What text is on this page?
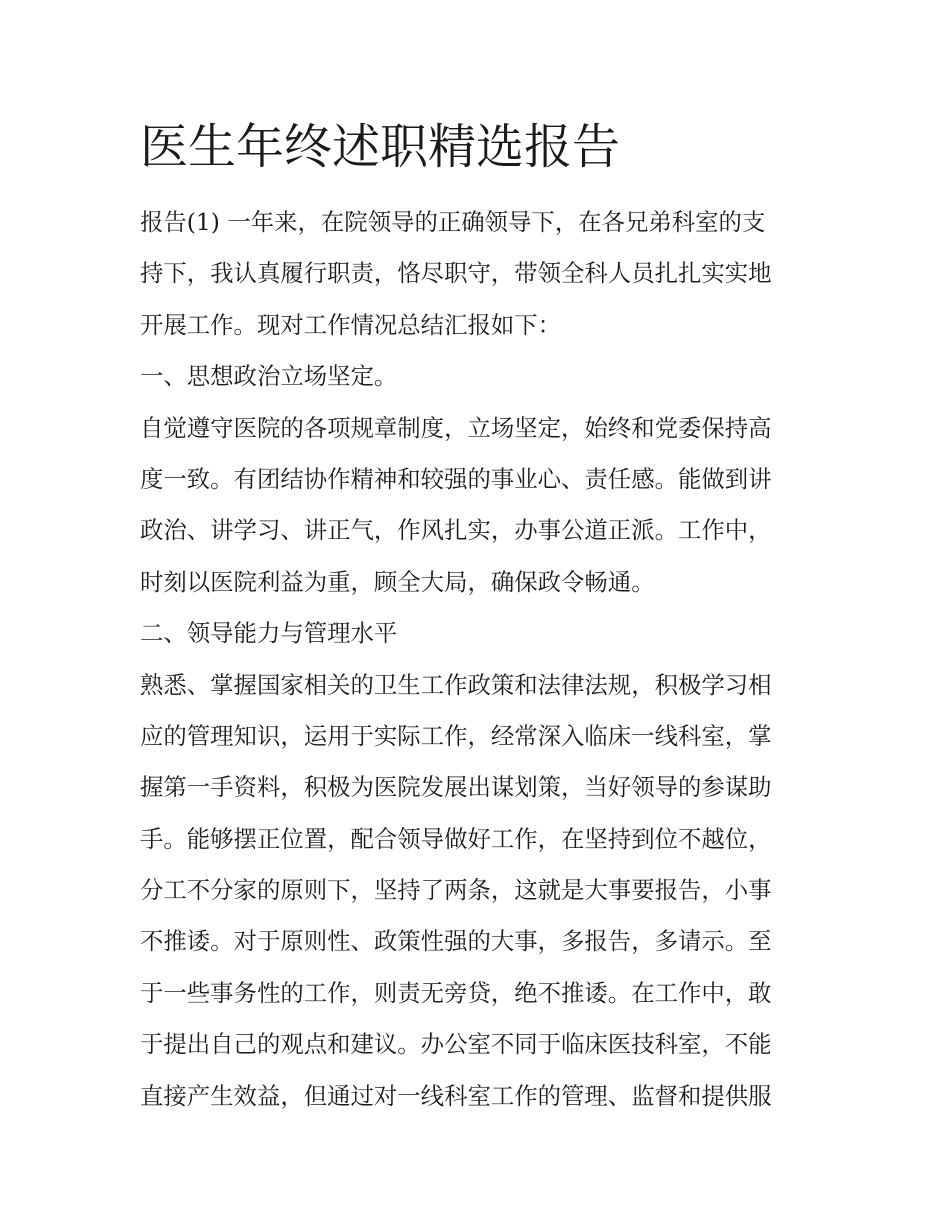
医生年终述职精选报告
报告(1) 一年来，在院领导的正确领导下，在各兄弟科室的支
持下，我认真履行职责，恪尽职守，带领全科人员扎扎实实地
开展工作。现对工作情况总结汇报如下：
一、思想政治立场坚定。
自觉遵守医院的各项规章制度，立场坚定，始终和党委保持高
度一致。有团结协作精神和较强的事业心、责任感。能做到讲
政治、讲学习、讲正气，作风扎实，办事公道正派。工作中，
时刻以医院利益为重，顾全大局，确保政令畅通。
二、领导能力与管理水平
熟悉、掌握国家相关的卫生工作政策和法律法规，积极学习相
应的管理知识，运用于实际工作，经常深入临床一线科室，掌
握第一手资料，积极为医院发展出谋划策，当好领导的参谋助
手。能够摆正位置，配合领导做好工作，在坚持到位不越位，
分工不分家的原则下，坚持了两条，这就是大事要报告，小事
不推诿。对于原则性、政策性强的大事，多报告，多请示。至
于一些事务性的工作，则责无旁贷，绝不推诿。在工作中，敢
于提出自己的观点和建议。办公室不同于临床医技科室，不能
直接产生效益，但通过对一线科室工作的管理、监督和提供服
